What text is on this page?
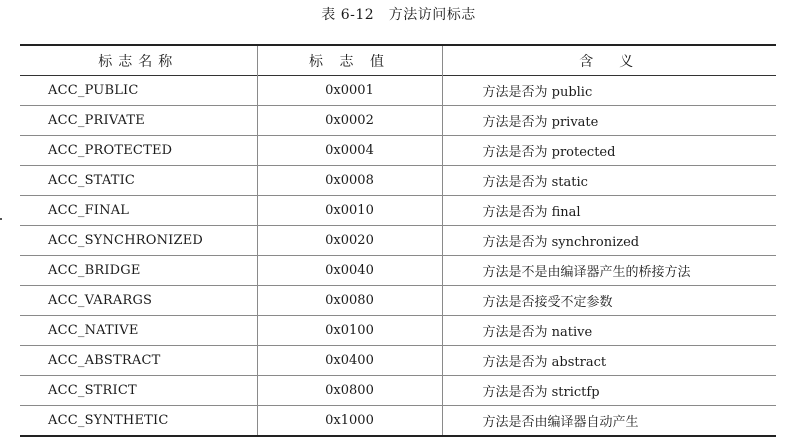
表 6-12　方法访问标志
标志名称	标 志 值	含　义
ACC_PUBLIC	0x0001	方法是否为 public
ACC_PRIVATE	0x0002	方法是否为 private
ACC_PROTECTED	0x0004	方法是否为 protected
ACC_STATIC	0x0008	方法是否为 static
ACC_FINAL	0x0010	方法是否为 final
ACC_SYNCHRONIZED	0x0020	方法是否为 synchronized
ACC_BRIDGE	0x0040	方法是不是由编译器产生的桥接方法
ACC_VARARGS	0x0080	方法是否接受不定参数
ACC_NATIVE	0x0100	方法是否为 native
ACC_ABSTRACT	0x0400	方法是否为 abstract
ACC_STRICT	0x0800	方法是否为 strictfp
ACC_SYNTHETIC	0x1000	方法是否由编译器自动产生
